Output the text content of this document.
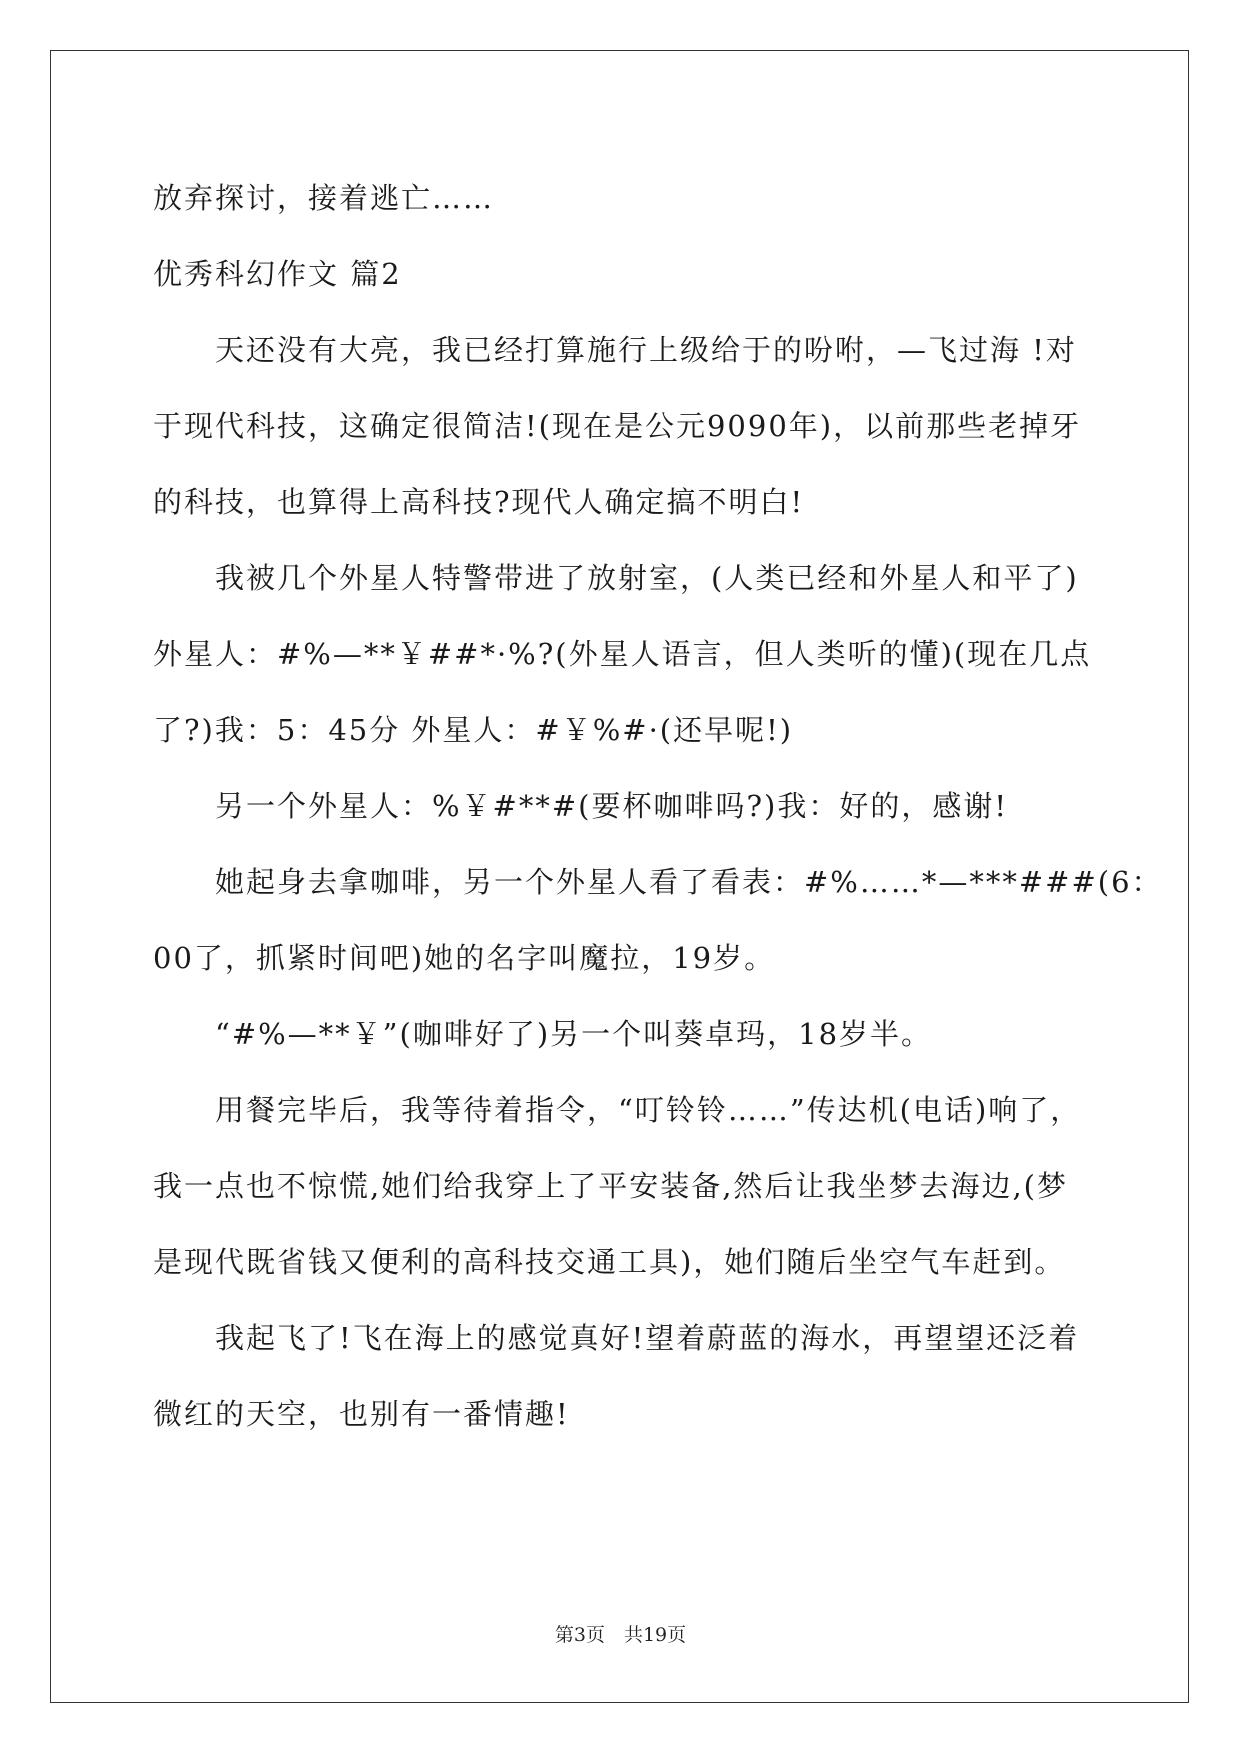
放弃探讨，接着逃亡……
优秀科幻作文 篇2
天还没有大亮，我已经打算施行上级给于的吩咐，—飞过海 !对
于现代科技，这确定很简洁!(现在是公元9090年)，以前那些老掉牙
的科技，也算得上高科技?现代人确定搞不明白!
我被几个外星人特警带进了放射室，(人类已经和外星人和平了)
外星人：#%—**￥##*·%?(外星人语言，但人类听的懂)(现在几点
了?)我：5：45分 外星人：#￥%#·(还早呢!)
另一个外星人：%￥#**#(要杯咖啡吗?)我：好的，感谢!
她起身去拿咖啡，另一个外星人看了看表：#%……*—***###(6：
00了，抓紧时间吧)她的名字叫魔拉，19岁。
“#%—**￥”(咖啡好了)另一个叫葵卓玛，18岁半。
用餐完毕后，我等待着指令，“叮铃铃……”传达机(电话)响了，
我一点也不惊慌,她们给我穿上了平安装备,然后让我坐梦去海边,(梦
是现代既省钱又便利的高科技交通工具)，她们随后坐空气车赶到。
我起飞了!飞在海上的感觉真好!望着蔚蓝的海水，再望望还泛着
微红的天空，也别有一番情趣!
第3页　共19页
